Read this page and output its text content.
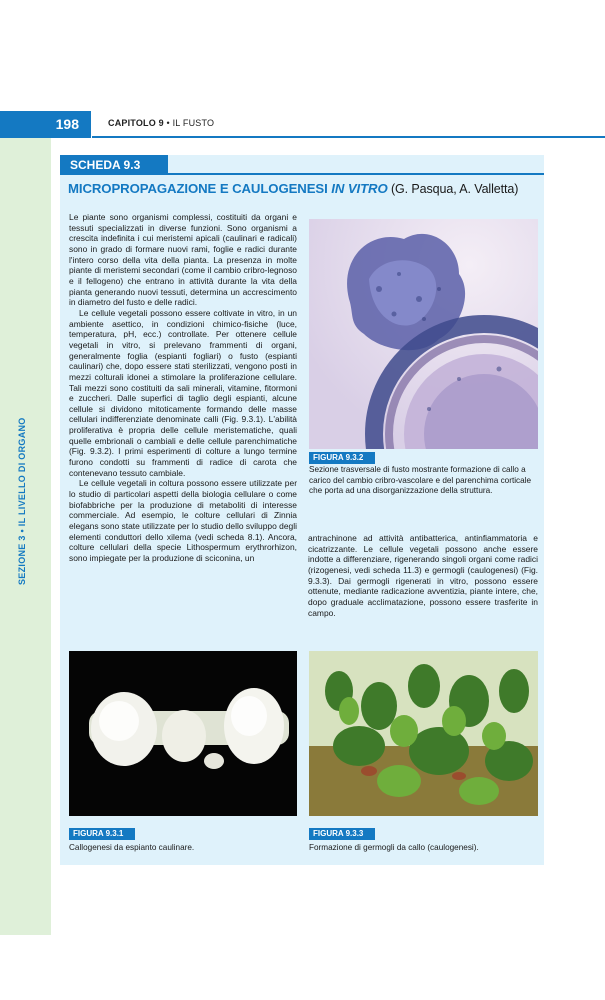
198	CAPITOLO 9 • IL FUSTO
SEZIONE 3 • IL LIVELLO DI ORGANO
SCHEDA 9.3
MICROPROPAGAZIONE E CAULOGENESI IN VITRO (G. Pasqua, A. Valletta)

Le piante sono organismi complessi, costituiti da organi e tessuti specializzati in diverse funzioni. Sono organismi a crescita indefinita i cui meristemi apicali (caulinari e radicali) sono in grado di formare nuovi rami, foglie e radici durante l'intero corso della vita della pianta. La presenza in molte piante di meristemi secondari (come il cambio cribro-legnoso e il fellogeno) che entrano in attività durante la vita della pianta generando nuovi tessuti, determina un accrescimento in diametro del fusto e delle radici.

Le cellule vegetali possono essere coltivate in vitro, in un ambiente asettico, in condizioni chimico-fisiche (luce, temperatura, pH, ecc.) controllate. Per ottenere cellule vegetali in vitro, si prelevano frammenti di organi, generalmente foglia (espianti fogliari) o fusto (espianti caulinari) che, dopo essere stati sterilizzati, vengono posti in mezzi colturali idonei a stimolare la proliferazione cellulare. Tali mezzi sono costituiti da sali minerali, vitamine, fitormoni e zuccheri. Dalle superfici di taglio degli espianti, alcune cellule si dividono mitoticamente formando delle masse cellulari indifferenziate denominate calli (Fig. 9.3.1). L'abilità proliferativa è propria delle cellule meristematiche, quali quelle embrionali o cambiali e delle cellule parenchimatiche (Fig. 9.3.2). I primi esperimenti di colture a lungo termine furono condotti su frammenti di radice di carota che contenevano tessuto cambiale.

Le cellule vegetali in coltura possono essere utilizzate per lo studio di particolari aspetti della biologia cellulare o come biofabbriche per la produzione di metaboliti di interesse commerciale. Ad esempio, le colture cellulari di Zinnia elegans sono state utilizzate per lo studio dello sviluppo degli elementi conduttori dello xilema (vedi scheda 8.1). Ancora, colture cellulari della specie Lithospermum erythrorhizon, sono impiegate per la produzione di sciconina, un

antrachinone ad attività antibatterica, antinfiammatoria e cicatrizzante. Le cellule vegetali possono anche essere indotte a differenziare, rigenerando singoli organi come radici (rizogenesi, vedi scheda 11.3) e germogli (caulogenesi) (Fig. 9.3.3). Dai germogli rigenerati in vitro, possono essere ottenute, mediante radicazione avventizia, piante intere, che, dopo graduale acclimatazione, possono essere trasferite in campo.
FIGURA 9.3.2
Sezione trasversale di fusto mostrante formazione di callo a carico del cambio cribro-vascolare e del parenchima corticale che porta ad una disorganizzazione della struttura.
FIGURA 9.3.1
Callogenesi da espianto caulinare.
FIGURA 9.3.3
Formazione di germogli da callo (caulogenesi).
